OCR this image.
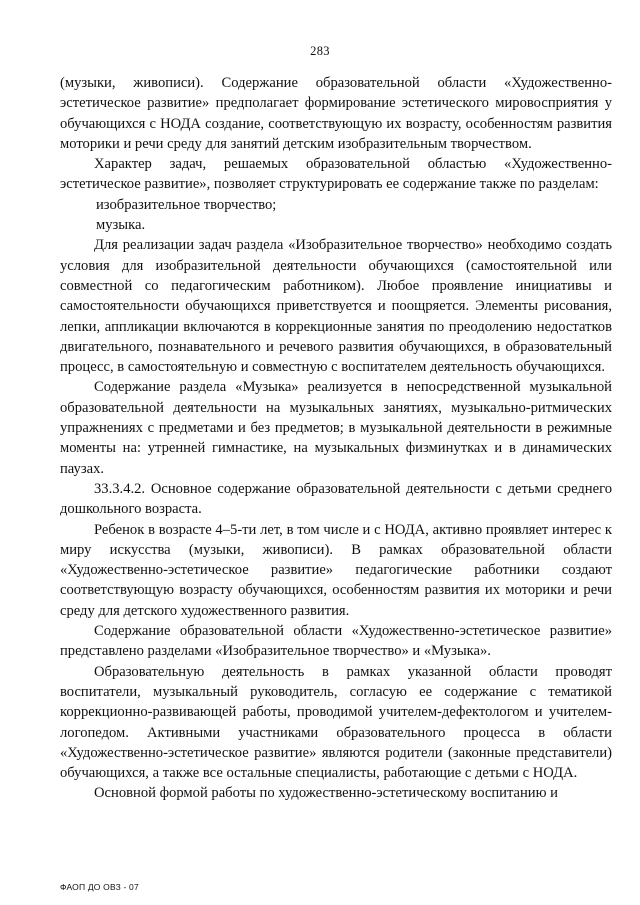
283

(музыки, живописи). Содержание образовательной области «Художественно-эстетическое развитие» предполагает формирование эстетического мировосприятия у обучающихся с НОДА создание, соответствующую их возрасту, особенностям развития моторики и речи среду для занятий детским изобразительным творчеством.

Характер задач, решаемых образовательной областью «Художественно-эстетическое развитие», позволяет структурировать ее содержание также по разделам:

изобразительное творчество;

музыка.

Для реализации задач раздела «Изобразительное творчество» необходимо создать условия для изобразительной деятельности обучающихся (самостоятельной или совместной со педагогическим работником). Любое проявление инициативы и самостоятельности обучающихся приветствуется и поощряется. Элементы рисования, лепки, аппликации включаются в коррекционные занятия по преодолению недостатков двигательного, познавательного и речевого развития обучающихся, в образовательный процесс, в самостоятельную и совместную с воспитателем деятельность обучающихся.

Содержание раздела «Музыка» реализуется в непосредственной музыкальной образовательной деятельности на музыкальных занятиях, музыкально-ритмических упражнениях с предметами и без предметов; в музыкальной деятельности в режимные моменты на: утренней гимнастике, на музыкальных физминутках и в динамических паузах.

33.3.4.2. Основное содержание образовательной деятельности с детьми среднего дошкольного возраста.

Ребенок в возрасте 4–5-ти лет, в том числе и с НОДА, активно проявляет интерес к миру искусства (музыки, живописи). В рамках образовательной области «Художественно-эстетическое развитие» педагогические работники создают соответствующую возрасту обучающихся, особенностям развития их моторики и речи среду для детского художественного развития.

Содержание образовательной области «Художественно-эстетическое развитие» представлено разделами «Изобразительное творчество» и «Музыка».

Образовательную деятельность в рамках указанной области проводят воспитатели, музыкальный руководитель, согласую ее содержание с тематикой коррекционно-развивающей работы, проводимой учителем-дефектологом и учителем-логопедом. Активными участниками образовательного процесса в области «Художественно-эстетическое развитие» являются родители (законные представители) обучающихся, а также все остальные специалисты, работающие с детьми с НОДА.

Основной формой работы по художественно-эстетическому воспитанию и

ФАОП ДО ОВЗ - 07
